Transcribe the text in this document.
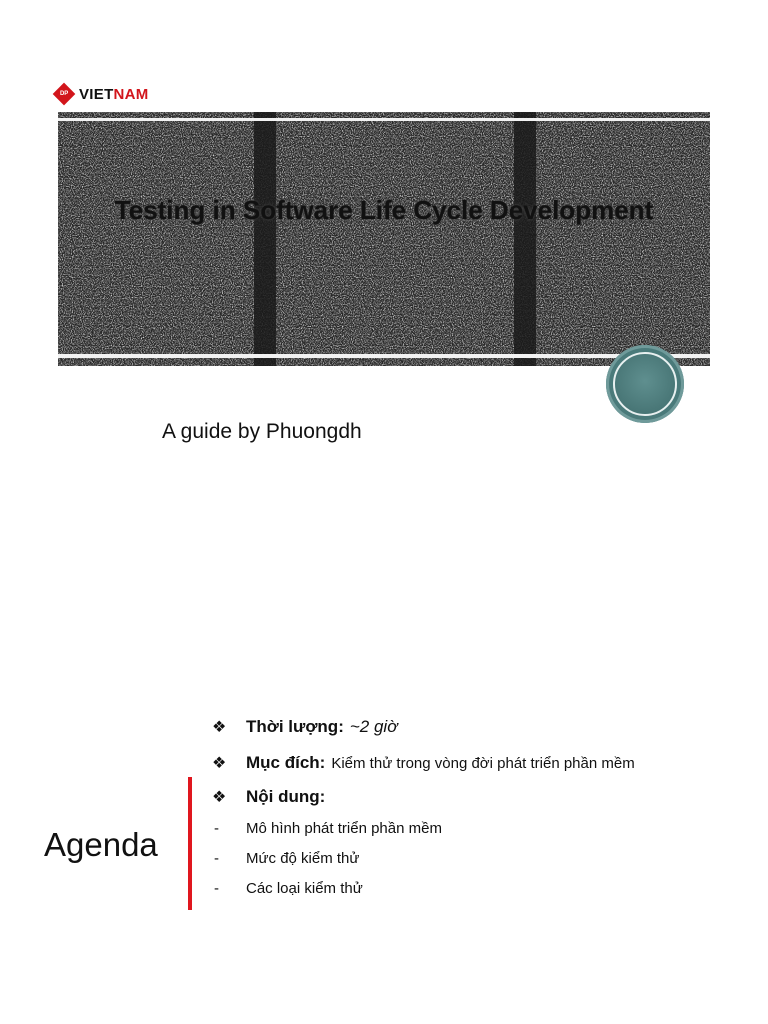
DP VIETNAM
Testing in Software Life Cycle Development
A guide by Phuongdh
Agenda
❖	Thời lượng: ~2 giờ
❖	Mục đích: Kiểm thử trong vòng đời phát triển phần mềm
❖	Nội dung:
-	Mô hình phát triển phần mềm
-	Mức độ kiểm thử
-	Các loại kiểm thử
